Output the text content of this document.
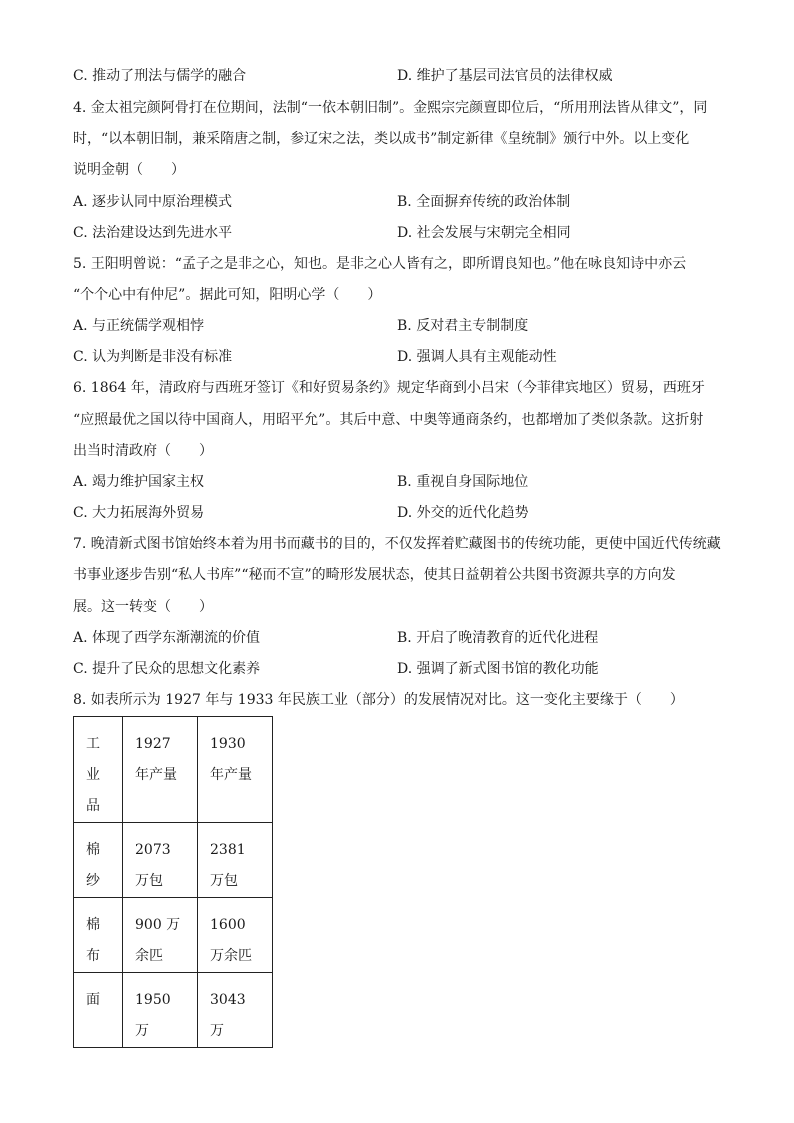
C. 推动了刑法与儒学的融合	D. 维护了基层司法官员的法律权威
4. 金太祖完颜阿骨打在位期间，法制“一依本朝旧制”。金熙宗完颜亶即位后，“所用刑法皆从律文”，同
时，“以本朝旧制，兼采隋唐之制，参辽宋之法，类以成书”制定新律《皇统制》颁行中外。以上变化
说明金朝（　　）
A. 逐步认同中原治理模式	B. 全面摒弃传统的政治体制
C. 法治建设达到先进水平	D. 社会发展与宋朝完全相同
5. 王阳明曾说：“孟子之是非之心，知也。是非之心人皆有之，即所谓良知也。”他在咏良知诗中亦云
“个个心中有仲尼”。据此可知，阳明心学（　　）
A. 与正统儒学观相悖	B. 反对君主专制制度
C. 认为判断是非没有标准	D. 强调人具有主观能动性
6. 1864 年，清政府与西班牙签订《和好贸易条约》规定华商到小吕宋（今菲律宾地区）贸易，西班牙
“应照最优之国以待中国商人，用昭平允”。其后中意、中奥等通商条约，也都增加了类似条款。这折射
出当时清政府（　　）
A. 竭力维护国家主权	B. 重视自身国际地位
C. 大力拓展海外贸易	D. 外交的近代化趋势
7. 晚清新式图书馆始终本着为用书而藏书的目的，不仅发挥着贮藏图书的传统功能，更使中国近代传统藏
书事业逐步告别“私人书库”“秘而不宣”的畸形发展状态，使其日益朝着公共图书资源共享的方向发
展。这一转变（　　）
A. 体现了西学东渐潮流的价值	B. 开启了晚清教育的近代化进程
C. 提升了民众的思想文化素养	D. 强调了新式图书馆的教化功能
8. 如表所示为 1927 年与 1933 年民族工业（部分）的发展情况对比。这一变化主要缘于（　　）
工业品	1927 年产量	1930 年产量

棉纱	2073 万包	2381 万包

棉布	900 万余匹	1600 万余匹

面	1950 万	3043 万
